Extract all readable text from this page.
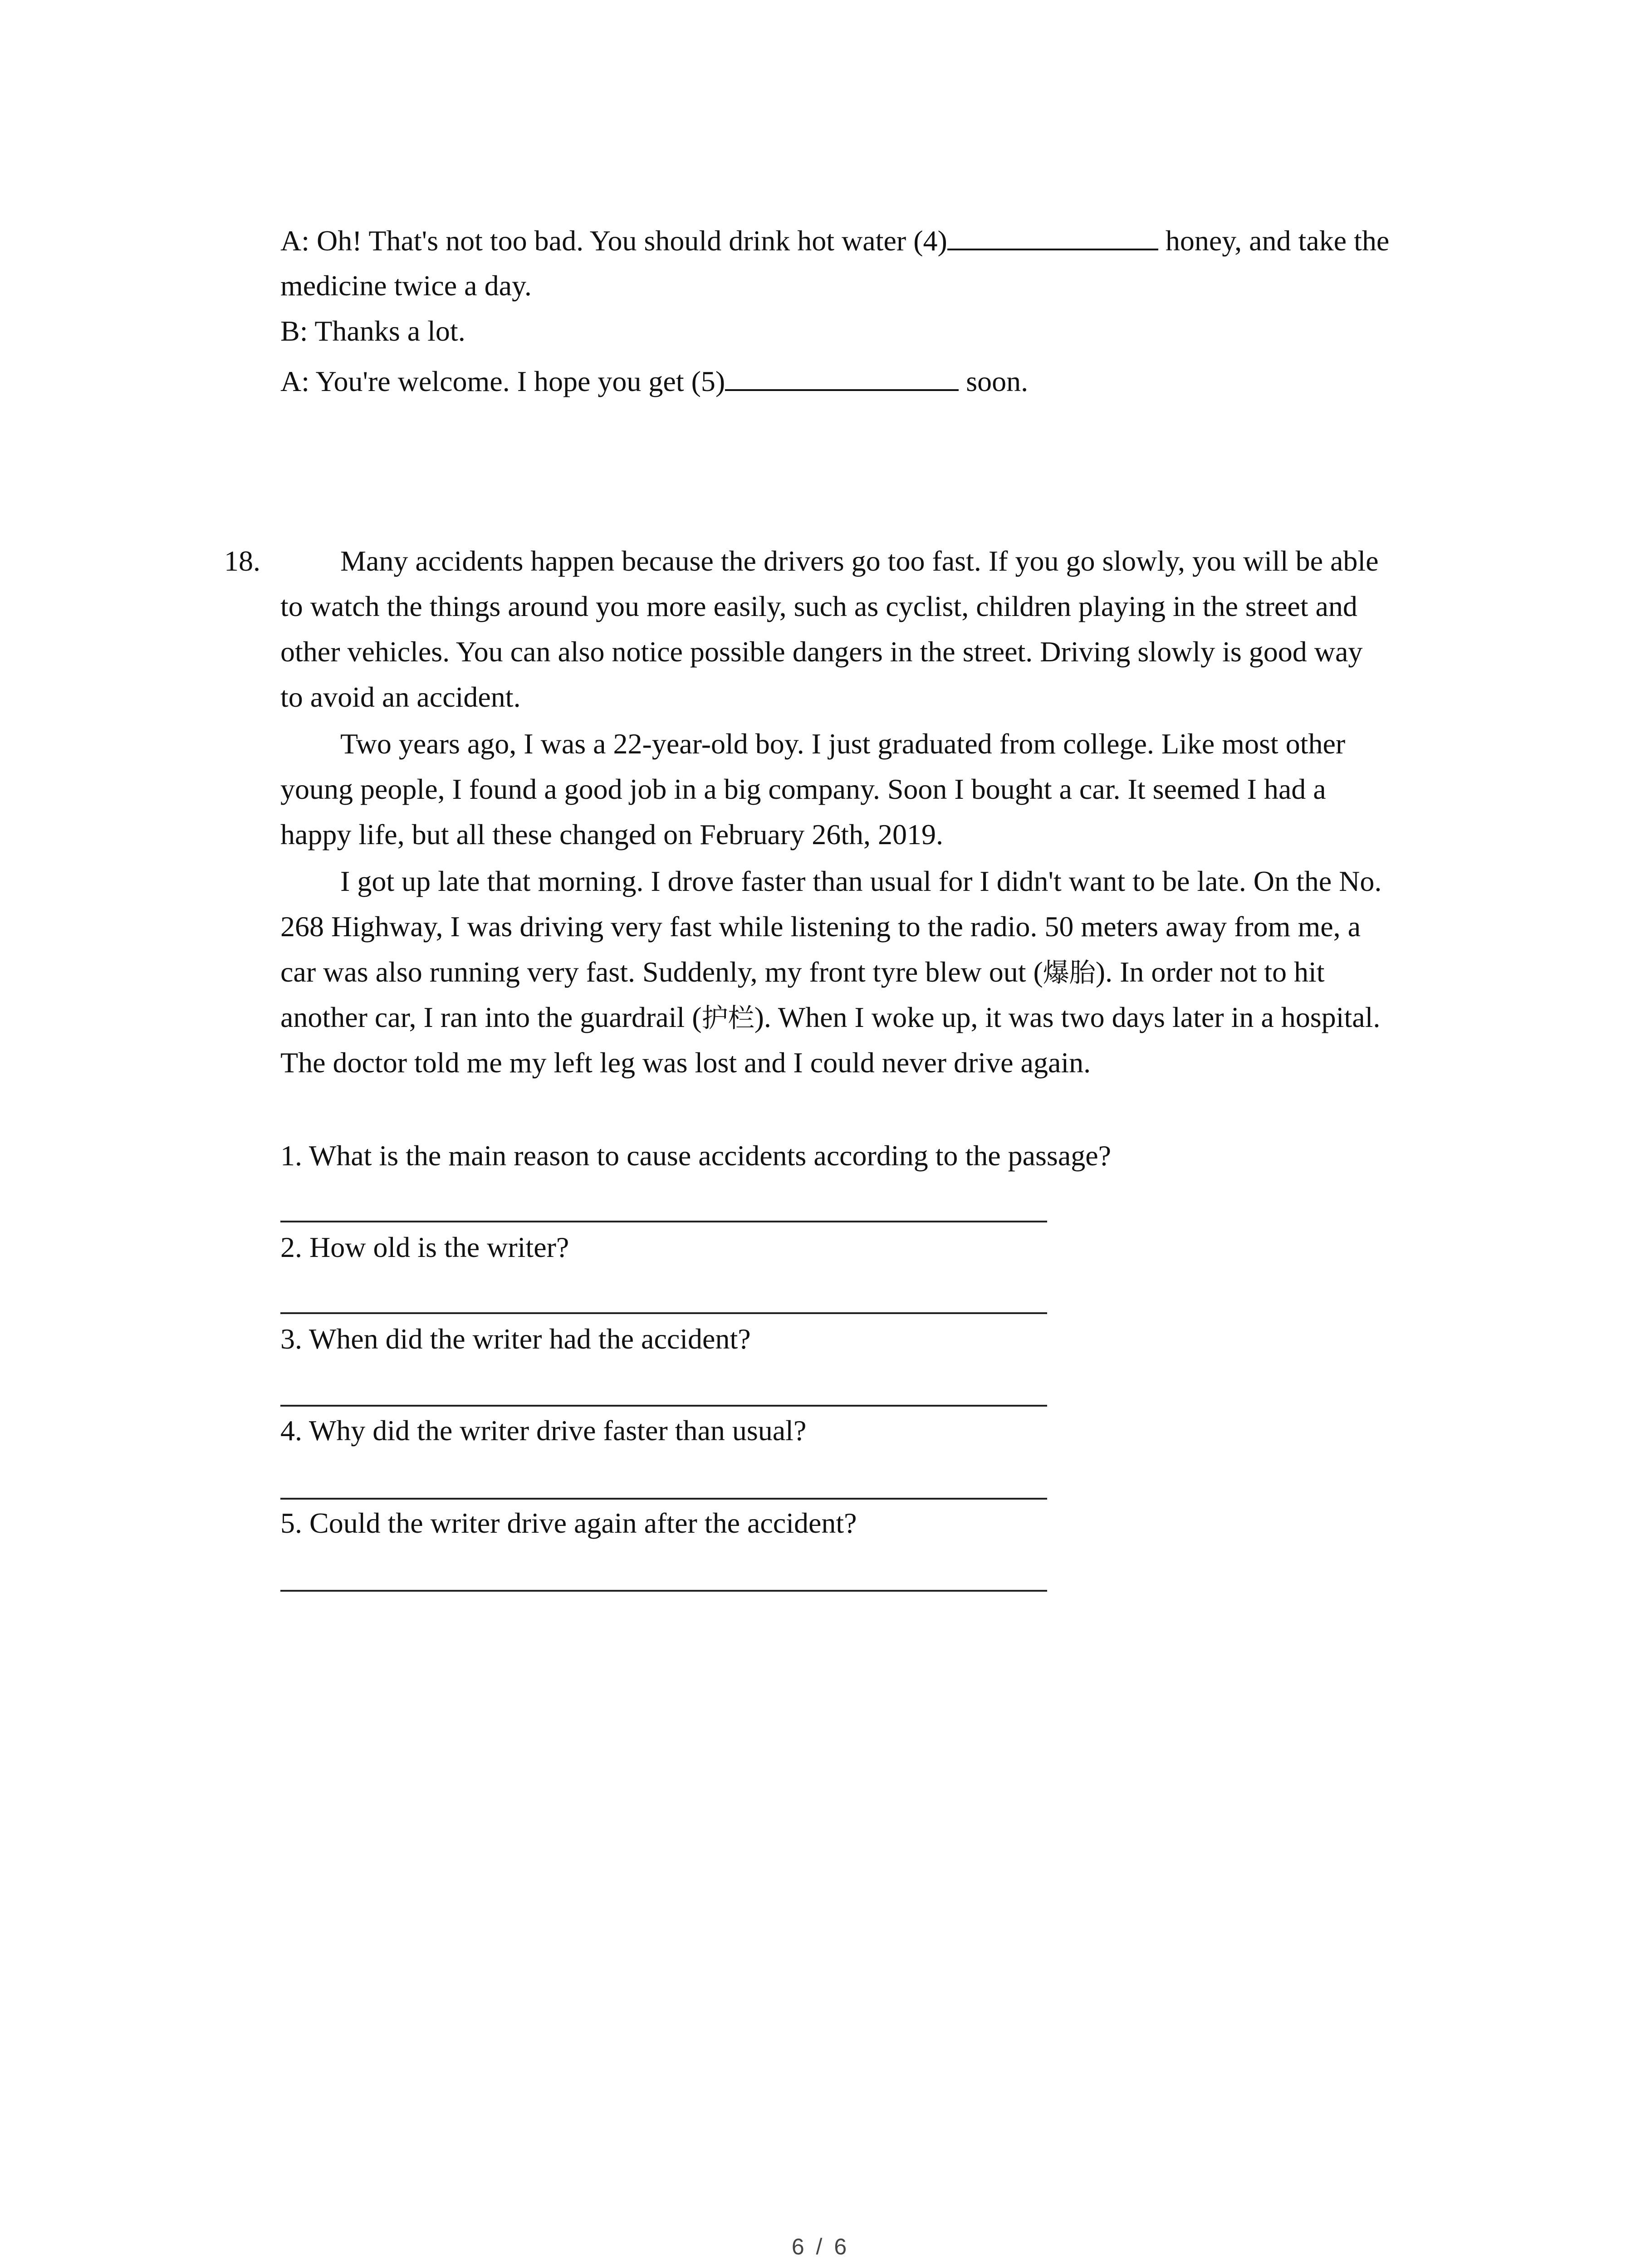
A: Oh! That's not too bad. You should drink hot water (4)	honey, and take the
medicine twice a day.
B: Thanks a lot.
A: You're welcome. I hope you get (5)	soon.
18.	Many accidents happen because the drivers go too fast. If you go slowly, you will be able
to watch the things around you more easily, such as cyclist, children playing in the street and
other vehicles. You can also notice possible dangers in the street. Driving slowly is good way
to avoid an accident.
Two years ago, I was a 22-year-old boy. I just graduated from college. Like most other
young people, I found a good job in a big company. Soon I bought a car. It seemed I had a
happy life, but all these changed on February 26th, 2019.
I got up late that morning. I drove faster than usual for I didn't want to be late. On the No.
268 Highway, I was driving very fast while listening to the radio. 50 meters away from me, a
car was also running very fast. Suddenly, my front tyre blew out (爆胎). In order not to hit
another car, I ran into the guardrail (护栏). When I woke up, it was two days later in a hospital.
The doctor told me my left leg was lost and I could never drive again.
1. What is the main reason to cause accidents according to the passage?
2. How old is the writer?
3. When did the writer had the accident?
4. Why did the writer drive faster than usual?
5. Could the writer drive again after the accident?
6 / 6
